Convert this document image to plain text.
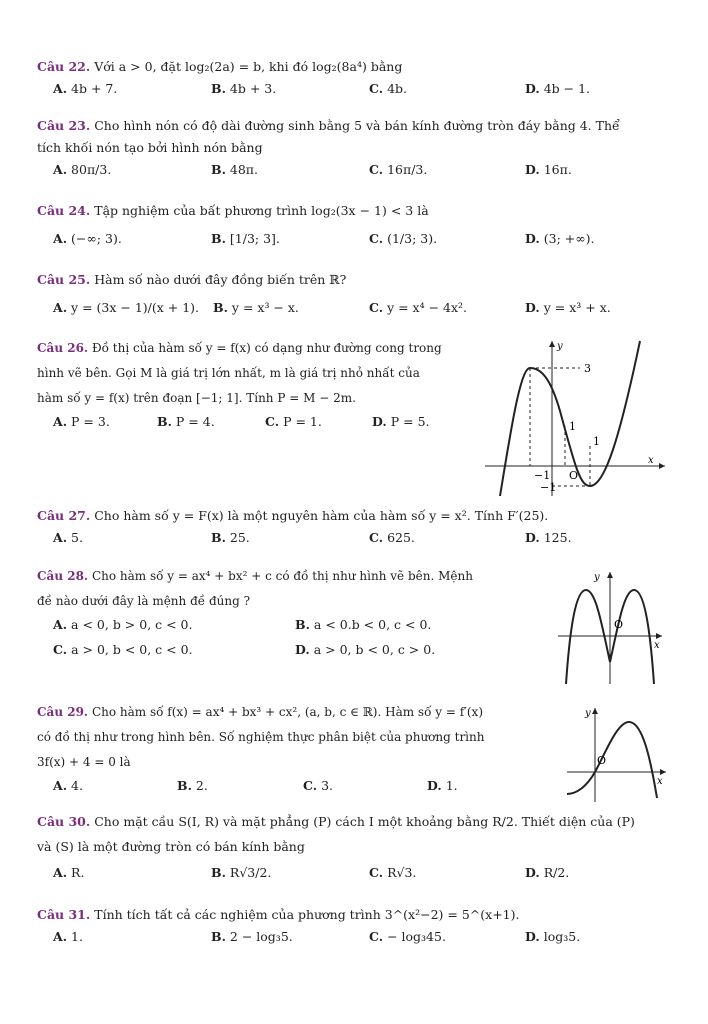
Câu 22. Với a > 0, đặt log₂(2a) = b, khi đó log₂(8a⁴) bằng
A. 4b + 7.	B. 4b + 3.	C. 4b.	D. 4b − 1.
Câu 23. Cho hình nón có độ dài đường sinh bằng 5 và bán kính đường tròn đáy bằng 4. Thể
tích khối nón tạo bởi hình nón bằng
A. 80π/3.	B. 48π.	C. 16π/3.	D. 16π.
Câu 24. Tập nghiệm của bất phương trình log₂(3x − 1) < 3 là
A. (−∞; 3).	B. [1/3; 3].	C. (1/3; 3).	D. (3; +∞).
Câu 25. Hàm số nào dưới đây đồng biến trên ℝ?
A. y = (3x − 1)/(x + 1). B. y = x³ − x.	C. y = x⁴ − 4x².	D. y = x³ + x.
Câu 26. Đồ thị của hàm số y = f(x) có dạng như đường cong trong
hình vẽ bên. Gọi M là giá trị lớn nhất, m là giá trị nhỏ nhất của
hàm số y = f(x) trên đoạn [−1; 1]. Tính P = M − 2m.
A. P = 3.	B. P = 4.	C. P = 1.	D. P = 5.
y
x
O
3
1
1
−1
−1
Câu 27. Cho hàm số y = F(x) là một nguyên hàm của hàm số y = x². Tính F′(25).
A. 5.	B. 25.	C. 625.	D. 125.
Câu 28. Cho hàm số y = ax⁴ + bx² + c có đồ thị như hình vẽ bên. Mệnh
đề nào dưới đây là mệnh đề đúng ?
A. a < 0, b > 0, c < 0.	B. a < 0.b < 0, c < 0.
C. a > 0, b < 0, c < 0.	D. a > 0, b < 0, c > 0.
y
x
O
Câu 29. Cho hàm số f(x) = ax⁴ + bx³ + cx², (a, b, c ∈ ℝ). Hàm số y = f′(x)
có đồ thị như trong hình bên. Số nghiệm thực phân biệt của phương trình
3f(x) + 4 = 0 là
A. 4.	B. 2.	C. 3.	D. 1.
y
x
O
Câu 30. Cho mặt cầu S(I, R) và mặt phẳng (P) cách I một khoảng bằng R/2. Thiết diện của (P)
và (S) là một đường tròn có bán kính bằng
A. R.	B. R√3/2.	C. R√3.	D. R/2.
Câu 31. Tính tích tất cả các nghiệm của phương trình 3^(x²−2) = 5^(x+1).
A. 1.	B. 2 − log₃5.	C. − log₃45.	D. log₃5.
